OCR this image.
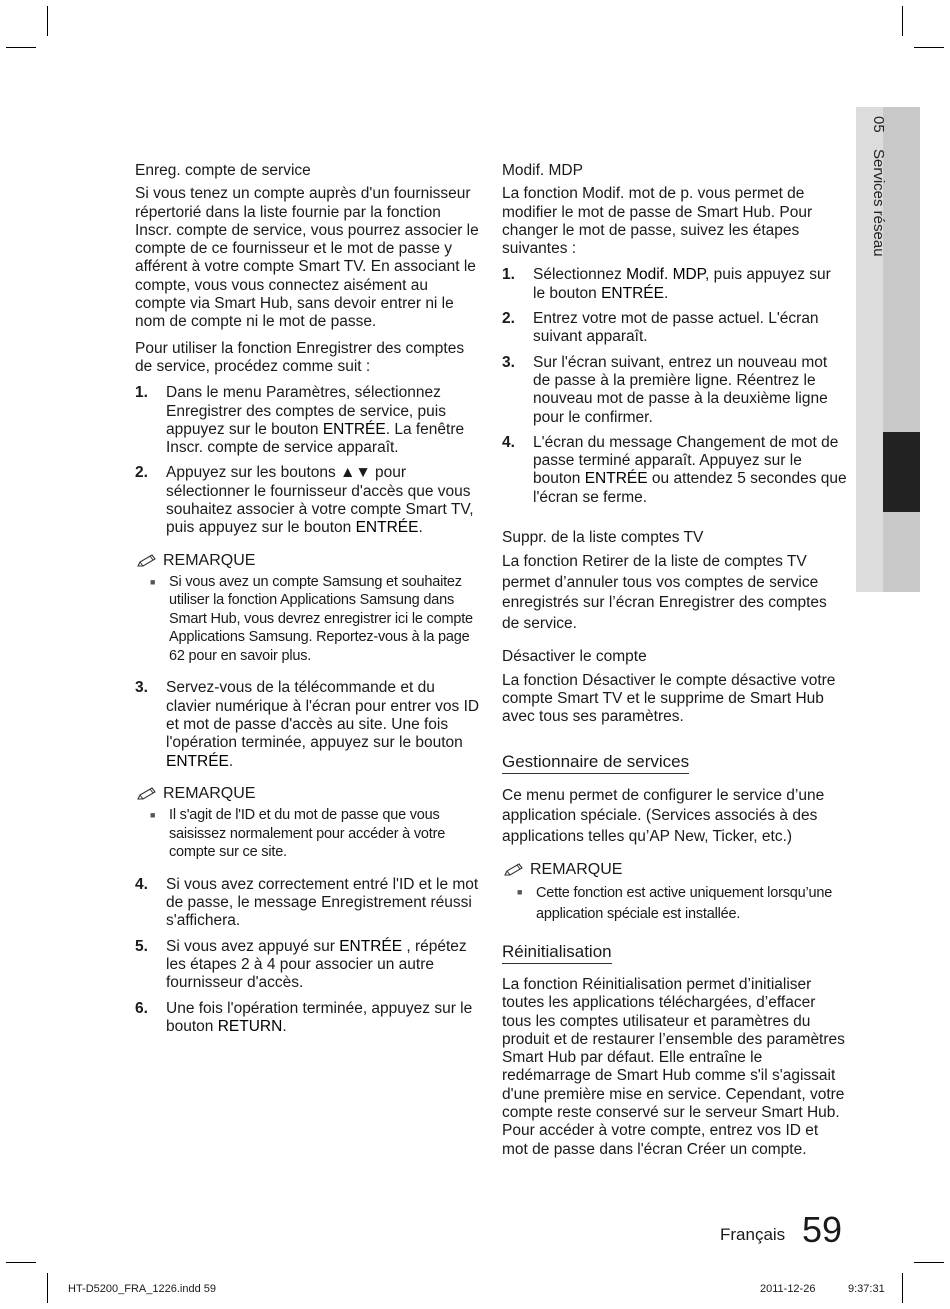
05    Services réseau
Enreg. compte de service

Si vous tenez un compte auprès d'un fournisseur répertorié dans la liste fournie par la fonction Inscr. compte de service, vous pourrez associer le compte de ce fournisseur et le mot de passe y afférent à votre compte Smart TV. En associant le compte, vous vous connectez aisément au compte via Smart Hub, sans devoir entrer ni le nom de compte ni le mot de passe.

Pour utiliser la fonction Enregistrer des comptes de service, procédez comme suit :

1.	Dans le menu Paramètres, sélectionnez Enregistrer des comptes de service, puis appuyez sur le bouton ENTRÉE. La fenêtre Inscr. compte de service apparaît.
2.	Appuyez sur les boutons ▲▼ pour sélectionner le fournisseur d'accès que vous souhaitez associer à votre compte Smart TV, puis appuyez sur le bouton ENTRÉE.
REMARQUE
■ Si vous avez un compte Samsung et souhaitez utiliser la fonction Applications Samsung dans Smart Hub, vous devrez enregistrer ici le compte Applications Samsung. Reportez-vous à la page 62 pour en savoir plus.
3.	Servez-vous de la télécommande et du clavier numérique à l'écran pour entrer vos ID et mot de passe d'accès au site. Une fois l'opération terminée, appuyez sur le bouton
ENTRÉE.
REMARQUE
■ Il s'agit de l'ID et du mot de passe que vous saisissez normalement pour accéder à votre compte sur ce site.
4.	Si vous avez correctement entré l'ID et le mot de passe, le message Enregistrement réussi s'affichera.
5.	Si vous avez appuyé sur ENTRÉE , répétez les étapes 2 à 4 pour associer un autre fournisseur d'accès.
6.	Une fois l'opération terminée, appuyez sur le bouton RETURN.
Modif. MDP

La fonction Modif. mot de p. vous permet de modifier le mot de passe de Smart Hub. Pour changer le mot de passe, suivez les étapes suivantes :

1.	Sélectionnez Modif. MDP, puis appuyez sur le bouton ENTRÉE.
2.	Entrez votre mot de passe actuel. L'écran suivant apparaît.
3.	Sur l'écran suivant, entrez un nouveau mot de passe à la première ligne. Réentrez le nouveau mot de passe à la deuxième ligne pour le confirmer.
4.	L'écran du message Changement de mot de passe terminé apparaît. Appuyez sur le bouton ENTRÉE ou attendez 5 secondes que l'écran se ferme.
Suppr. de la liste comptes TV

La fonction Retirer de la liste de comptes TV permet d’annuler tous vos comptes de service enregistrés sur l’écran Enregistrer des comptes de service.

Désactiver le compte

La fonction Désactiver le compte désactive votre compte Smart TV et le supprime de Smart Hub avec tous ses paramètres.

Gestionnaire de services

Ce menu permet de configurer le service d’une application spéciale. (Services associés à des applications telles qu’AP New, Ticker, etc.)

REMARQUE
■ Cette fonction est active uniquement lorsqu’une application spéciale est installée.
Réinitialisation

La fonction Réinitialisation permet d’initialiser toutes les applications téléchargées, d’effacer tous les comptes utilisateur et paramètres du produit et de restaurer l’ensemble des paramètres Smart Hub par défaut. Elle entraîne le redémarrage de Smart Hub comme s'il s'agissait d'une première mise en service. Cependant, votre compte reste conservé sur le serveur Smart Hub. Pour accéder à votre compte, entrez vos ID et mot de passe dans l'écran Créer un compte.

Français 59
HT-D5200_FRA_1226.indd 59	2011-12-26	9:37:31
